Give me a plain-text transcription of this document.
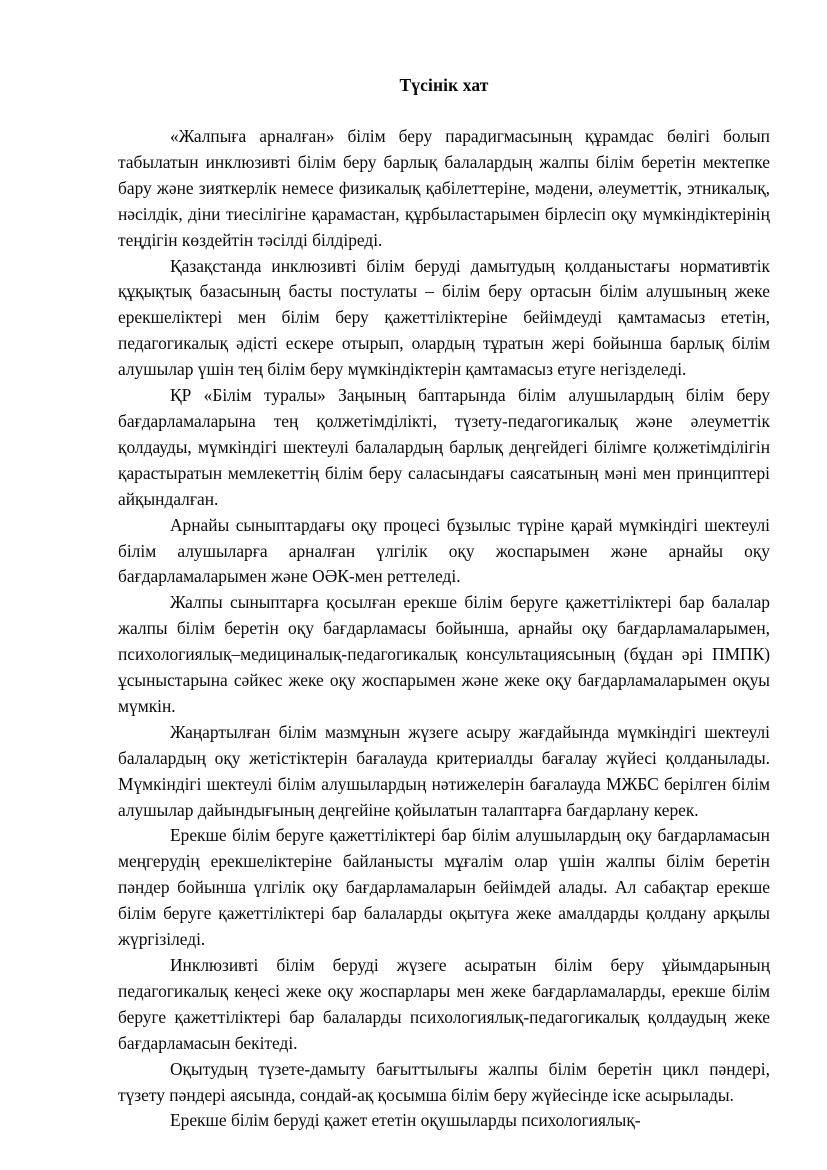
Түсінік хат

«Жалпыға арналған» білім беру парадигмасының құрамдас бөлігі болып табылатын инклюзивті білім беру барлық балалардың жалпы білім беретін мектепке бару және зияткерлік немесе физикалық қабілеттеріне, мәдени, әлеуметтік, этникалық, нәсілдік, діни тиесілігіне қарамастан, құрбыластарымен бірлесіп оқу мүмкіндіктерінің теңдігін көздейтін тәсілді білдіреді.

Қазақстанда инклюзивті білім беруді дамытудың қолданыстағы нормативтік құқықтық базасының басты постулаты – білім беру ортасын білім алушының жеке ерекшеліктері мен білім беру қажеттіліктеріне бейімдеуді қамтамасыз ететін, педагогикалық әдісті ескере отырып, олардың тұратын жері бойынша барлық білім алушылар үшін тең білім беру мүмкіндіктерін қамтамасыз етуге негізделеді.

ҚР «Білім туралы» Заңының баптарында білім алушылардың білім беру бағдарламаларына тең қолжетімділікті, түзету-педагогикалық және әлеуметтік қолдауды, мүмкіндігі шектеулі балалардың барлық деңгейдегі білімге қолжетімділігін қарастыратын мемлекеттің білім беру саласындағы саясатының мәні мен принциптері айқындалған.

Арнайы сыныптардағы оқу процесі бұзылыс түріне қарай мүмкіндігі шектеулі білім алушыларға арналған үлгілік оқу жоспарымен және арнайы оқу бағдарламаларымен және ОӘК-мен реттеледі.

Жалпы сыныптарға қосылған ерекше білім беруге қажеттіліктері бар балалар жалпы білім беретін оқу бағдарламасы бойынша, арнайы оқу бағдарламаларымен, психологиялық–медициналық-педагогикалық консультациясының (бұдан әрі ПМПК) ұсыныстарына сәйкес жеке оқу жоспарымен және жеке оқу бағдарламаларымен оқуы мүмкін.

Жаңартылған білім мазмұнын жүзеге асыру жағдайында мүмкіндігі шектеулі балалардың оқу жетістіктерін бағалауда критериалды бағалау жүйесі қолданылады. Мүмкіндігі шектеулі білім алушылардың нәтижелерін бағалауда МЖБС берілген білім алушылар дайындығының деңгейіне қойылатын талаптарға бағдарлану керек.

Ерекше білім беруге қажеттіліктері бар білім алушылардың оқу бағдарламасын меңгерудің ерекшеліктеріне байланысты мұғалім олар үшін жалпы білім беретін пәндер бойынша үлгілік оқу бағдарламаларын бейімдей алады. Ал сабақтар ерекше білім беруге қажеттіліктері бар балаларды оқытуға жеке амалдарды қолдану арқылы жүргізіледі.

Инклюзивті білім беруді жүзеге асыратын білім беру ұйымдарының педагогикалық кеңесі жеке оқу жоспарлары мен жеке бағдарламаларды, ерекше білім беруге қажеттіліктері бар балаларды психологиялық-педагогикалық қолдаудың жеке бағдарламасын бекітеді.

Оқытудың түзете-дамыту бағыттылығы жалпы білім беретін цикл пәндері, түзету пәндері аясында, сондай-ақ қосымша білім беру жүйесінде іске асырылады.

Ерекше білім беруді қажет ететін оқушыларды психологиялық-
